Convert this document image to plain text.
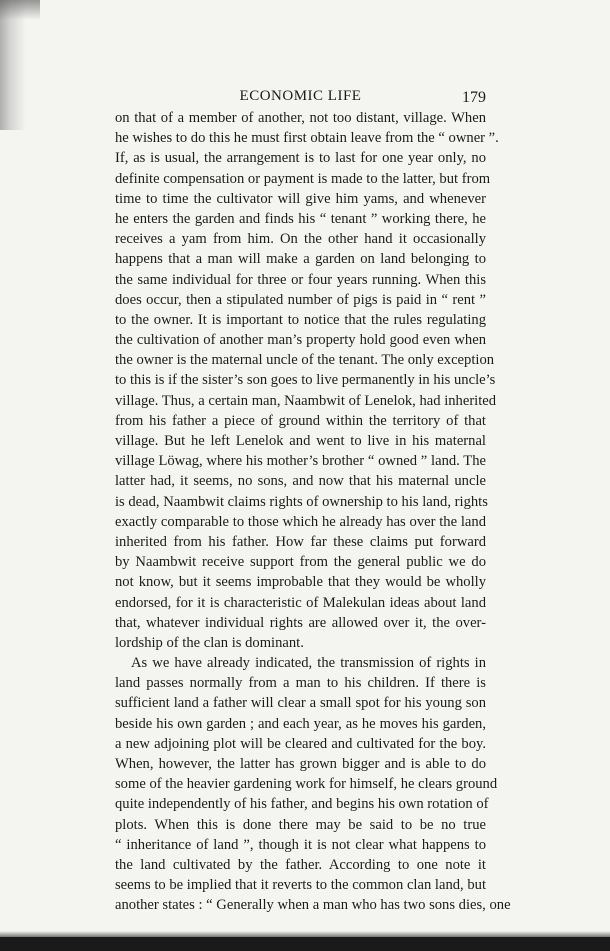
ECONOMIC LIFE	179
on that of a member of another, not too distant, village. When
he wishes to do this he must first obtain leave from the “ owner ”.
If, as is usual, the arrangement is to last for one year only, no
definite compensation or payment is made to the latter, but from
time to time the cultivator will give him yams, and whenever
he enters the garden and finds his “ tenant ” working there, he
receives a yam from him. On the other hand it occasionally
happens that a man will make a garden on land belonging to
the same individual for three or four years running. When this
does occur, then a stipulated number of pigs is paid in “ rent ”
to the owner. It is important to notice that the rules regulating
the cultivation of another man’s property hold good even when
the owner is the maternal uncle of the tenant. The only exception
to this is if the sister’s son goes to live permanently in his uncle’s
village. Thus, a certain man, Naambwit of Lenelok, had inherited
from his father a piece of ground within the territory of that
village. But he left Lenelok and went to live in his maternal
village Löwag, where his mother’s brother “ owned ” land. The
latter had, it seems, no sons, and now that his maternal uncle
is dead, Naambwit claims rights of ownership to his land, rights
exactly comparable to those which he already has over the land
inherited from his father. How far these claims put forward
by Naambwit receive support from the general public we do
not know, but it seems improbable that they would be wholly
endorsed, for it is characteristic of Malekulan ideas about land
that, whatever individual rights are allowed over it, the over-
lordship of the clan is dominant.
As we have already indicated, the transmission of rights in
land passes normally from a man to his children. If there is
sufficient land a father will clear a small spot for his young son
beside his own garden ; and each year, as he moves his garden,
a new adjoining plot will be cleared and cultivated for the boy.
When, however, the latter has grown bigger and is able to do
some of the heavier gardening work for himself, he clears ground
quite independently of his father, and begins his own rotation of
plots. When this is done there may be said to be no true
“ inheritance of land ”, though it is not clear what happens to
the land cultivated by the father. According to one note it
seems to be implied that it reverts to the common clan land, but
another states : “ Generally when a man who has two sons dies, one
